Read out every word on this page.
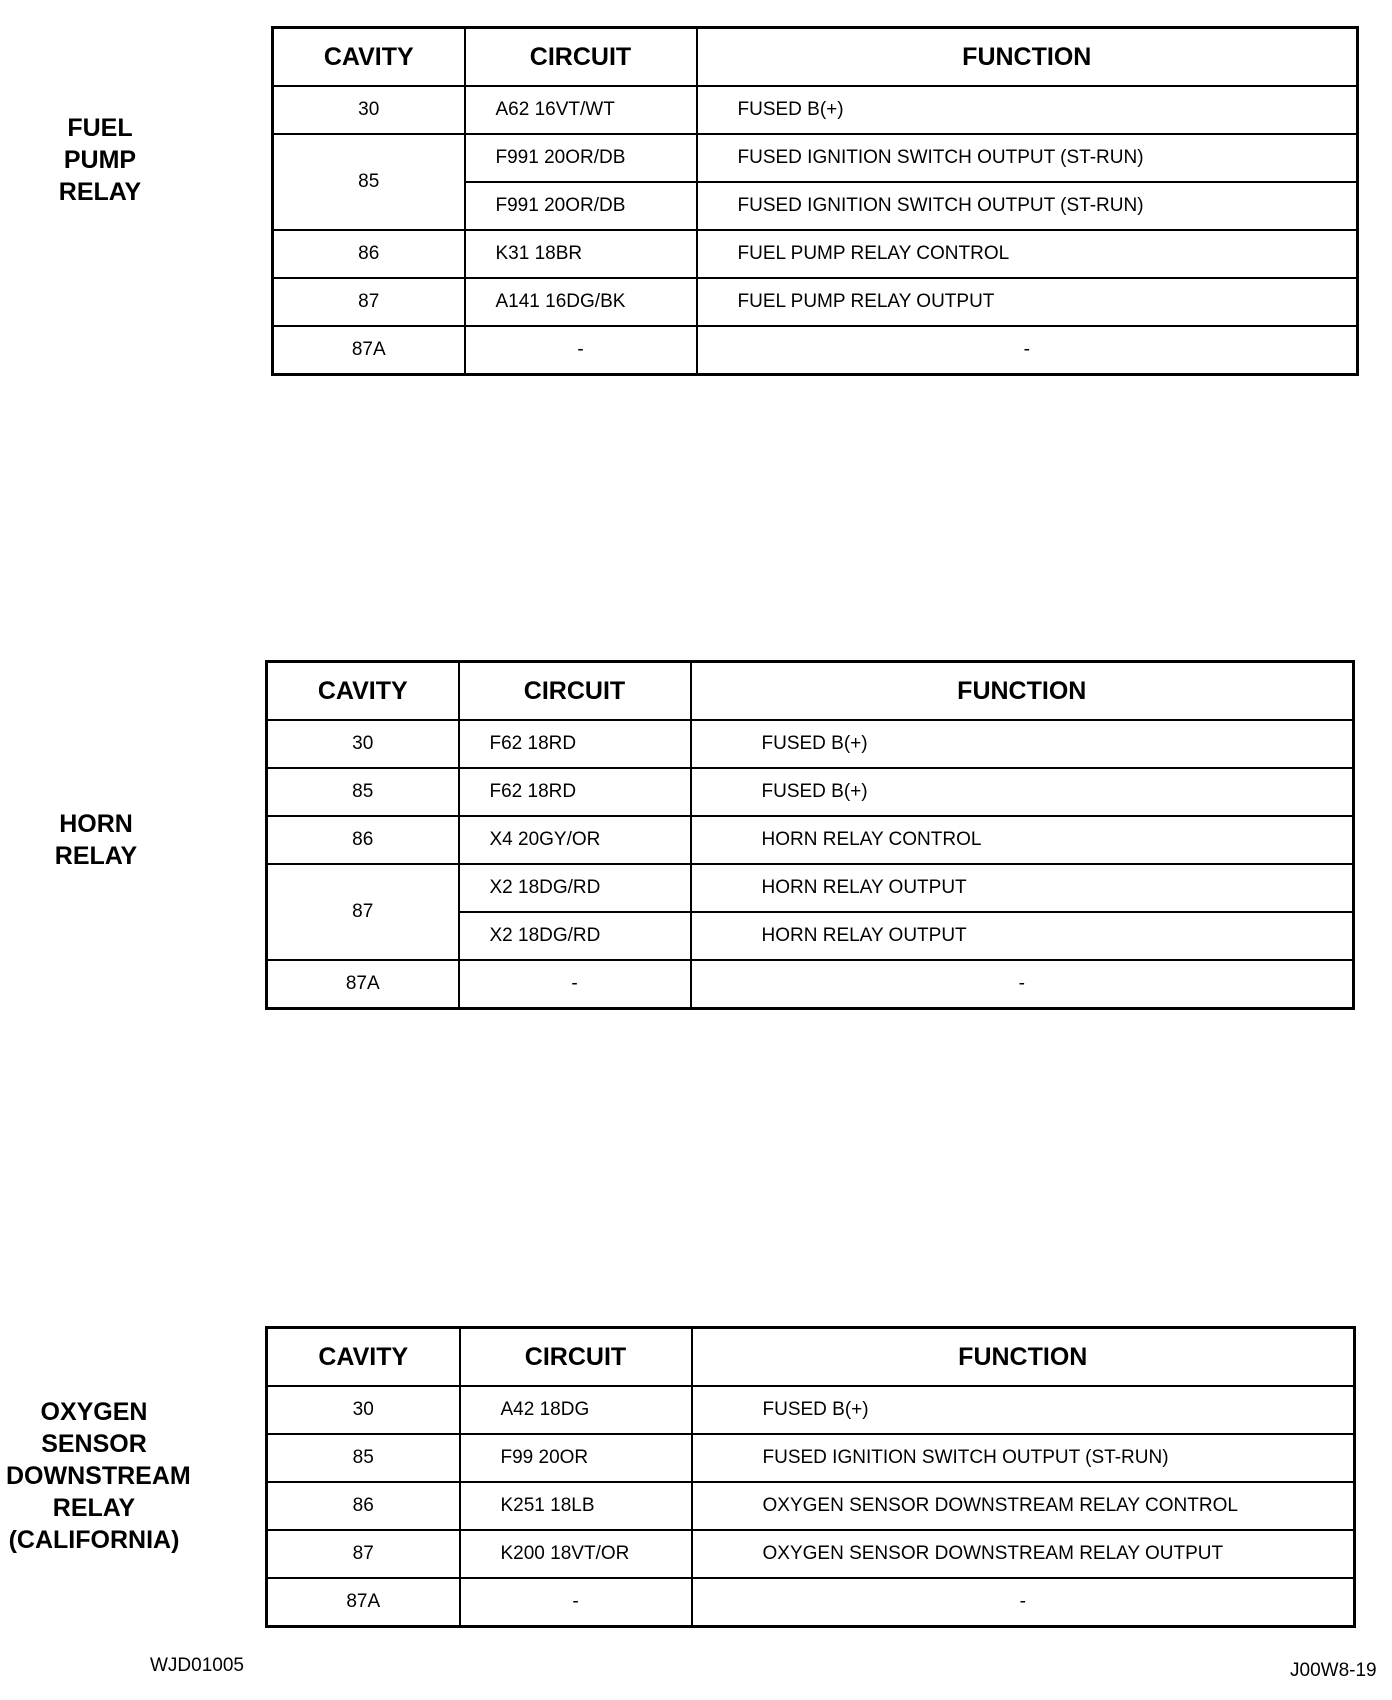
FUEL
PUMP
RELAY
CAVITY	CIRCUIT	FUNCTION
30	A62 16VT/WT	FUSED B(+)
85	F991 20OR/DB	FUSED IGNITION SWITCH OUTPUT (ST-RUN)
	F991 20OR/DB	FUSED IGNITION SWITCH OUTPUT (ST-RUN)
86	K31 18BR	FUEL PUMP RELAY CONTROL
87	A141 16DG/BK	FUEL PUMP RELAY OUTPUT
87A	-	-
HORN
RELAY
CAVITY	CIRCUIT	FUNCTION
30	F62 18RD	FUSED B(+)
85	F62 18RD	FUSED B(+)
86	X4 20GY/OR	HORN RELAY CONTROL
87	X2 18DG/RD	HORN RELAY OUTPUT
	X2 18DG/RD	HORN RELAY OUTPUT
87A	-	-
OXYGEN
SENSOR
DOWNSTREAM
RELAY
(CALIFORNIA)
CAVITY	CIRCUIT	FUNCTION
30	A42 18DG	FUSED B(+)
85	F99 20OR	FUSED IGNITION SWITCH OUTPUT (ST-RUN)
86	K251 18LB	OXYGEN SENSOR DOWNSTREAM RELAY CONTROL
87	K200 18VT/OR	OXYGEN SENSOR DOWNSTREAM RELAY OUTPUT
87A	-	-
WJD01005	J00W8-19
